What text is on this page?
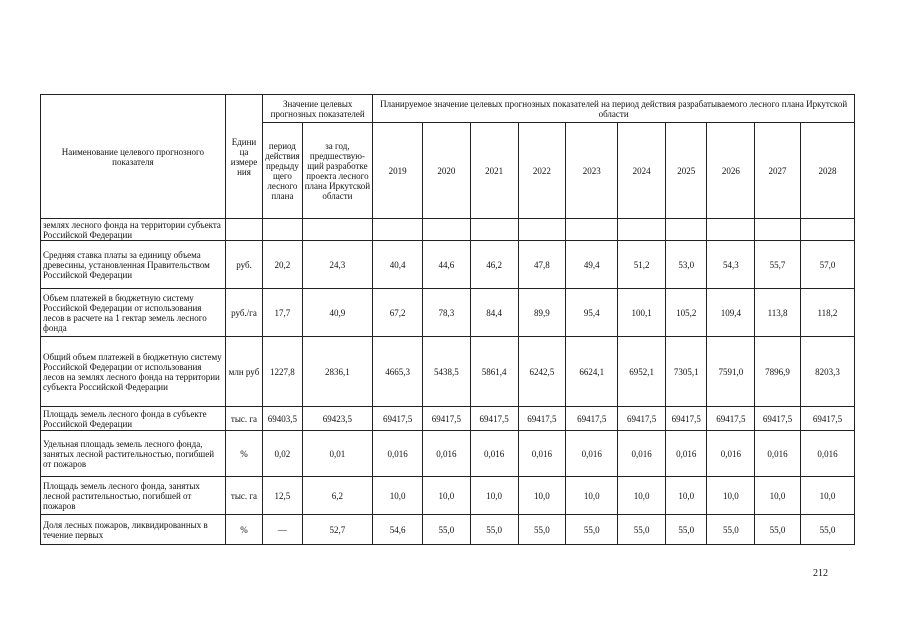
Наименование целевого прогнозного показателя	Едини ца измере ния	Значение целевых прогнозных показателей		Планируемое значение целевых прогнозных показателей на период действия разрабатываемого лесного плана Иркутской области									
		период действия предыду щего лесного плана	за год, предшествую-щий разработке проекта лесного плана Иркутской области	2019	2020	2021	2022	2023	2024	2025	2026	2027	2028
землях лесного фонда на территории субъекта Российской Федерации													
Средняя ставка платы за единицу объема древесины, установленная Правительством Российской Федерации	руб.	20,2	24,3	40,4	44,6	46,2	47,8	49,4	51,2	53,0	54,3	55,7	57,0
Объем платежей в бюджетную систему Российской Федерации от использования лесов в расчете на 1 гектар земель лесного фонда	руб./га	17,7	40,9	67,2	78,3	84,4	89,9	95,4	100,1	105,2	109,4	113,8	118,2
Общий объем платежей в бюджетную систему Российской Федерации от использования лесов на землях лесного фонда на территории субъекта Российской Федерации	млн руб	1227,8	2836,1	4665,3	5438,5	5861,4	6242,5	6624,1	6952,1	7305,1	7591,0	7896,9	8203,3
Площадь земель лесного фонда в субъекте Российской Федерации	тыс. га	69403,5	69423,5	69417,5	69417,5	69417,5	69417,5	69417,5	69417,5	69417,5	69417,5	69417,5	69417,5
Удельная площадь земель лесного фонда, занятых лесной растительностью, погибшей от пожаров	%	0,02	0,01	0,016	0,016	0,016	0,016	0,016	0,016	0,016	0,016	0,016	0,016
Площадь земель лесного фонда, занятых лесной растительностью, погибшей от пожаров	тыс. га	12,5	6,2	10,0	10,0	10,0	10,0	10,0	10,0	10,0	10,0	10,0	10,0
Доля лесных пожаров, ликвидированных в течение первых	%	—	52,7	54,6	55,0	55,0	55,0	55,0	55,0	55,0	55,0	55,0	55,0
212
